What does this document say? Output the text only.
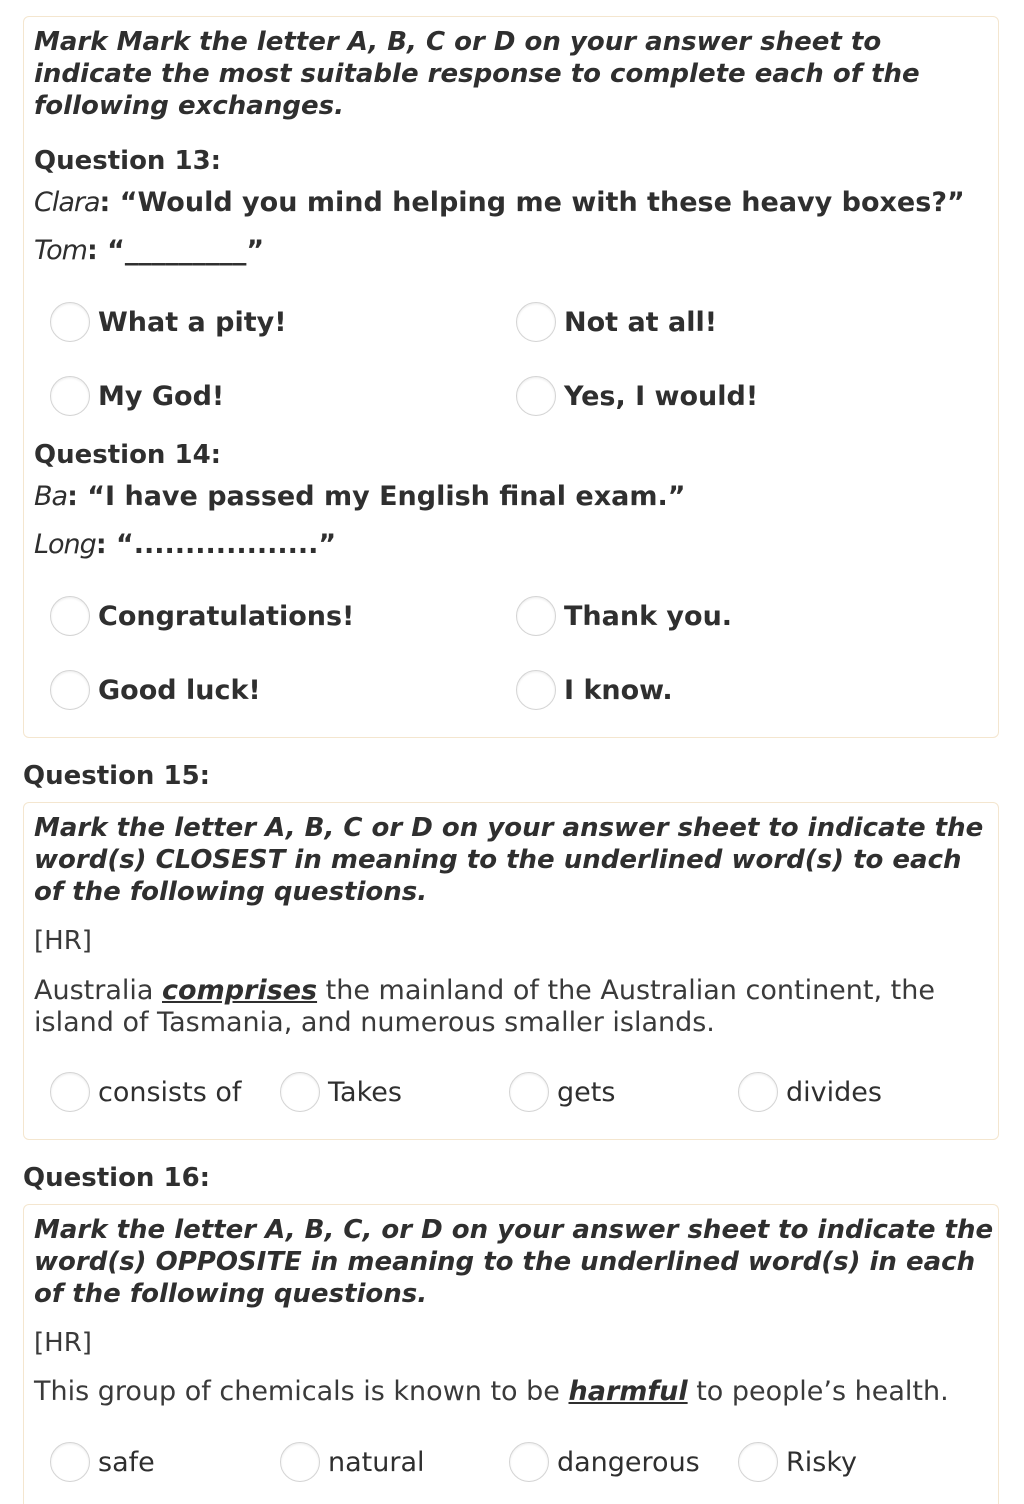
Mark Mark the letter A, B, C or D on your answer sheet to indicate the most suitable response to complete each of the following exchanges.
Question 13:
Clara: “Would you mind helping me with these heavy boxes?”
Tom: “_________”
What a pity!	Not at all!
My God!	Yes, I would!
Question 14:
Ba: “I have passed my English final exam.”
Long: “..................”
Congratulations!	Thank you.
Good luck!	I know.
Question 15:
Mark the letter A, B, C or D on your answer sheet to indicate the word(s) CLOSEST in meaning to the underlined word(s) to each of the following questions.
[HR]
Australia comprises the mainland of the Australian continent, the island of Tasmania, and numerous smaller islands.
consists of	Takes	gets	divides
Question 16:
Mark the letter A, B, C, or D on your answer sheet to indicate the word(s) OPPOSITE in meaning to the underlined word(s) in each of the following questions.
[HR]
This group of chemicals is known to be harmful to people’s health.
safe	natural	dangerous	Risky
